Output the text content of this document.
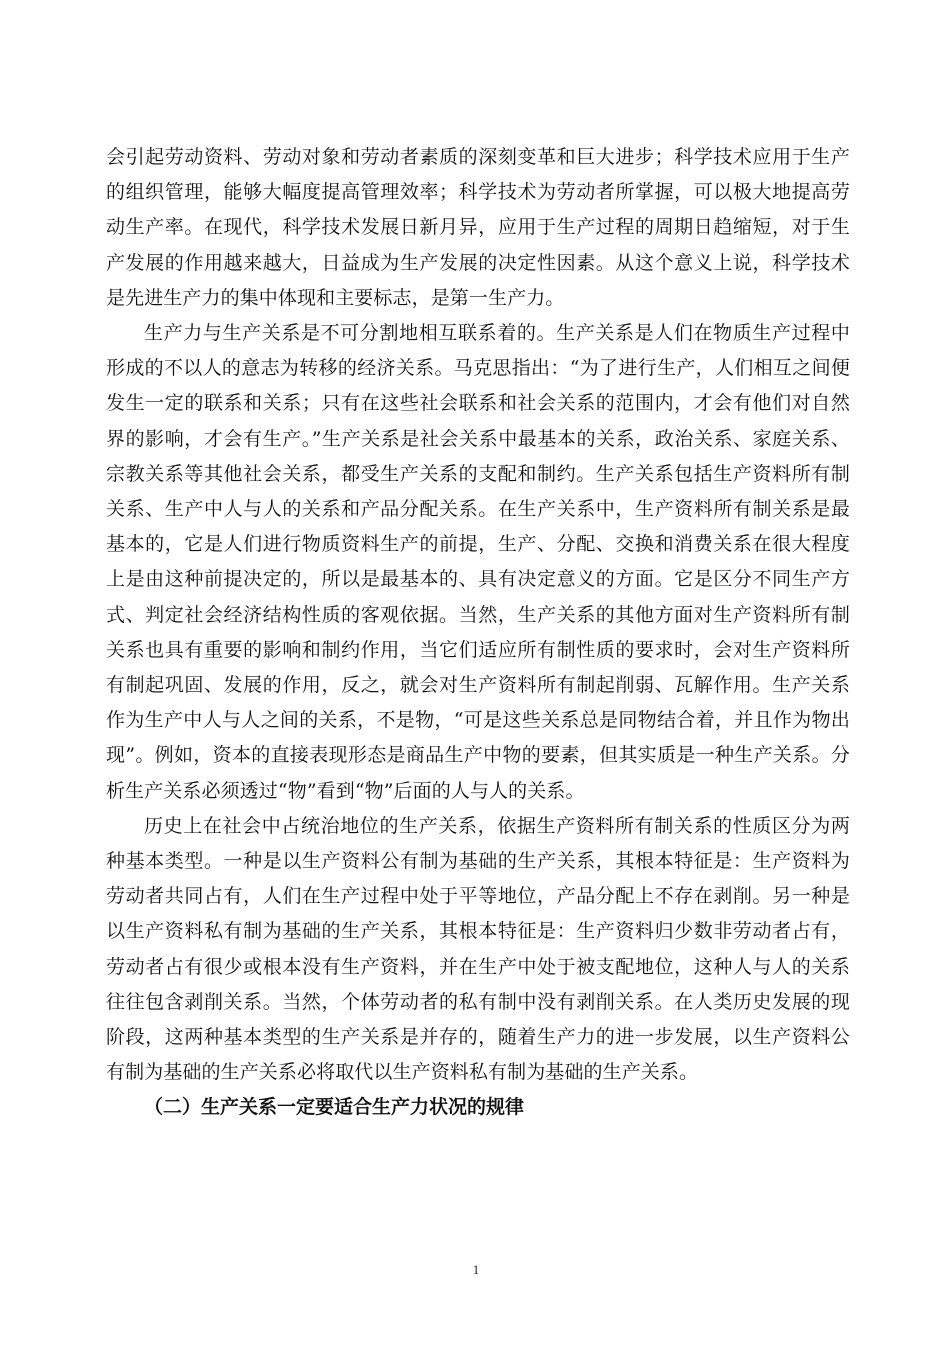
会引起劳动资料、劳动对象和劳动者素质的深刻变革和巨大进步；科学技术应用于生产的组织管理，能够大幅度提高管理效率；科学技术为劳动者所掌握，可以极大地提高劳动生产率。在现代，科学技术发展日新月异，应用于生产过程的周期日趋缩短，对于生产发展的作用越来越大，日益成为生产发展的决定性因素。从这个意义上说，科学技术是先进生产力的集中体现和主要标志，是第一生产力。

生产力与生产关系是不可分割地相互联系着的。生产关系是人们在物质生产过程中形成的不以人的意志为转移的经济关系。马克思指出：“为了进行生产，人们相互之间便发生一定的联系和关系；只有在这些社会联系和社会关系的范围内，才会有他们对自然界的影响，才会有生产。”生产关系是社会关系中最基本的关系，政治关系、家庭关系、宗教关系等其他社会关系，都受生产关系的支配和制约。生产关系包括生产资料所有制关系、生产中人与人的关系和产品分配关系。在生产关系中，生产资料所有制关系是最基本的，它是人们进行物质资料生产的前提，生产、分配、交换和消费关系在很大程度上是由这种前提决定的，所以是最基本的、具有决定意义的方面。它是区分不同生产方式、判定社会经济结构性质的客观依据。当然，生产关系的其他方面对生产资料所有制关系也具有重要的影响和制约作用，当它们适应所有制性质的要求时，会对生产资料所有制起巩固、发展的作用，反之，就会对生产资料所有制起削弱、瓦解作用。生产关系作为生产中人与人之间的关系，不是物，“可是这些关系总是同物结合着，并且作为物出现”。例如，资本的直接表现形态是商品生产中物的要素，但其实质是一种生产关系。分析生产关系必须透过“物”看到“物”后面的人与人的关系。

历史上在社会中占统治地位的生产关系，依据生产资料所有制关系的性质区分为两种基本类型。一种是以生产资料公有制为基础的生产关系，其根本特征是：生产资料为劳动者共同占有，人们在生产过程中处于平等地位，产品分配上不存在剥削。另一种是以生产资料私有制为基础的生产关系，其根本特征是：生产资料归少数非劳动者占有，劳动者占有很少或根本没有生产资料，并在生产中处于被支配地位，这种人与人的关系往往包含剥削关系。当然，个体劳动者的私有制中没有剥削关系。在人类历史发展的现阶段，这两种基本类型的生产关系是并存的，随着生产力的进一步发展，以生产资料公有制为基础的生产关系必将取代以生产资料私有制为基础的生产关系。

（二）生产关系一定要适合生产力状况的规律

1
